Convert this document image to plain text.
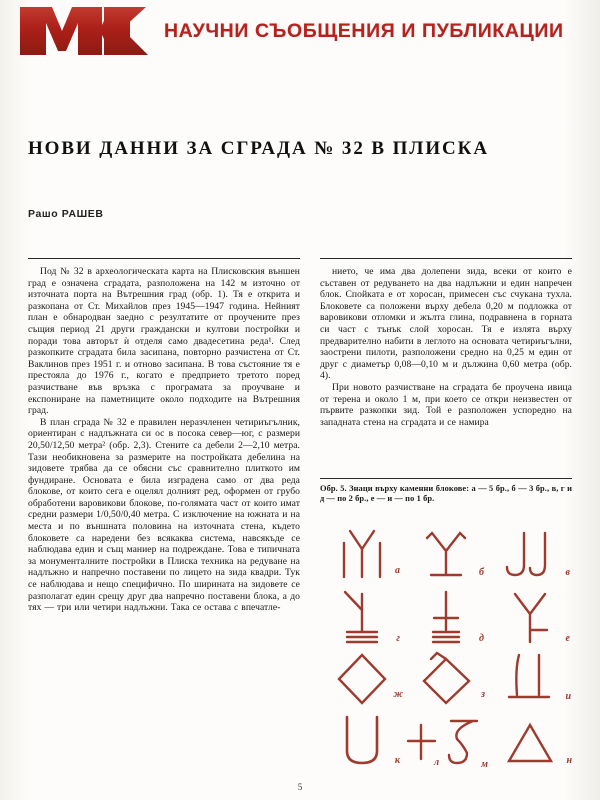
НАУЧНИ СЪОБЩЕНИЯ И ПУБЛИКАЦИИ
НОВИ ДАННИ ЗА СГРАДА № 32 В ПЛИСКА
Рашо РАШЕВ

Под № 32 в археологическата карта на Плисковския външен град е означена сградата, разположена на 142 м източно от източната порта на Вътрешния град (обр. 1). Тя е открита и разкопана от Ст. Михайлов през 1945—1947 година. Нейният план е обнародван заедно с резултатите от проучените през същия период 21 други граждански и култови постройки и поради това авторът ѝ отделя само двадесетина реда¹. След разкопките сградата била засипана, повторно разчистена от Ст. Ваклинов през 1951 г. и отново засипана. В това състояние тя е престояла до 1976 г., когато е предприето третото поред разчистване във връзка с програмата за проучване и експониране на паметниците около подходите на Вътрешния град.

В план сграда № 32 е правилен неразчленен четириъгълник, ориентиран с надлъжната си ос в посока север—юг, с размери 20,50/12,50 метра² (обр. 2,3). Стените са дебели 2—2,10 метра. Тази необикновена за размерите на постройката дебелина на зидовете трябва да се обясни със сравнително плиткото им фундиране. Основата е била изградена само от два реда блокове, от които сега е оцелял долният ред, оформен от грубо обработени варовикови блокове, по-голямата част от които имат средни размери 1/0,50/0,40 метра. С изключение на южната и на места и по външната половина на източната стена, където блоковете са наредени без всякаква система, навсякъде се наблюдава един и същ маниер на подреждане. Това е типичната за монументалните постройки в Плиска техника на редуване на надлъжно и напречно поставени по лицето на зида квадри. Тук се наблюдава и нещо специфично. По ширината на зидовете се разполагат един срещу друг два напречно поставени блока, а до тях — три или четири надлъжни. Така се остава с впечатле-

нието, че има два долепени зида, всеки от които е съставен от редуването на два надлъжни и един напречен блок. Спойката е от хоросан, примесен със счукана тухла. Блоковете са положени върху дебела 0,20 м подложка от варовикови отломки и жълта глина, подравнена в горната си част с тънък слой хоросан. Тя е излята върху предварително набити в леглото на основата четириъгълни, заострени пилоти, разположени средно на 0,25 м един от друг с диаметър 0,08—0,10 м и дължина 0,60 метра (обр. 4).

При новото разчистване на сградата бе проучена ивица от терена и около 1 м, при което се откри неизвестен от първите разкопки зид. Той е разположен успоредно на западната стена на сградата и се намира

Обр. 5. Знаци върху каменни блокове: а — 5 бр., б — 3 бр., в, г и д — по 2 бр., е — и — по 1 бр.
а	б	в
г	д	е
ж	з	и
к	л	м	н
5
